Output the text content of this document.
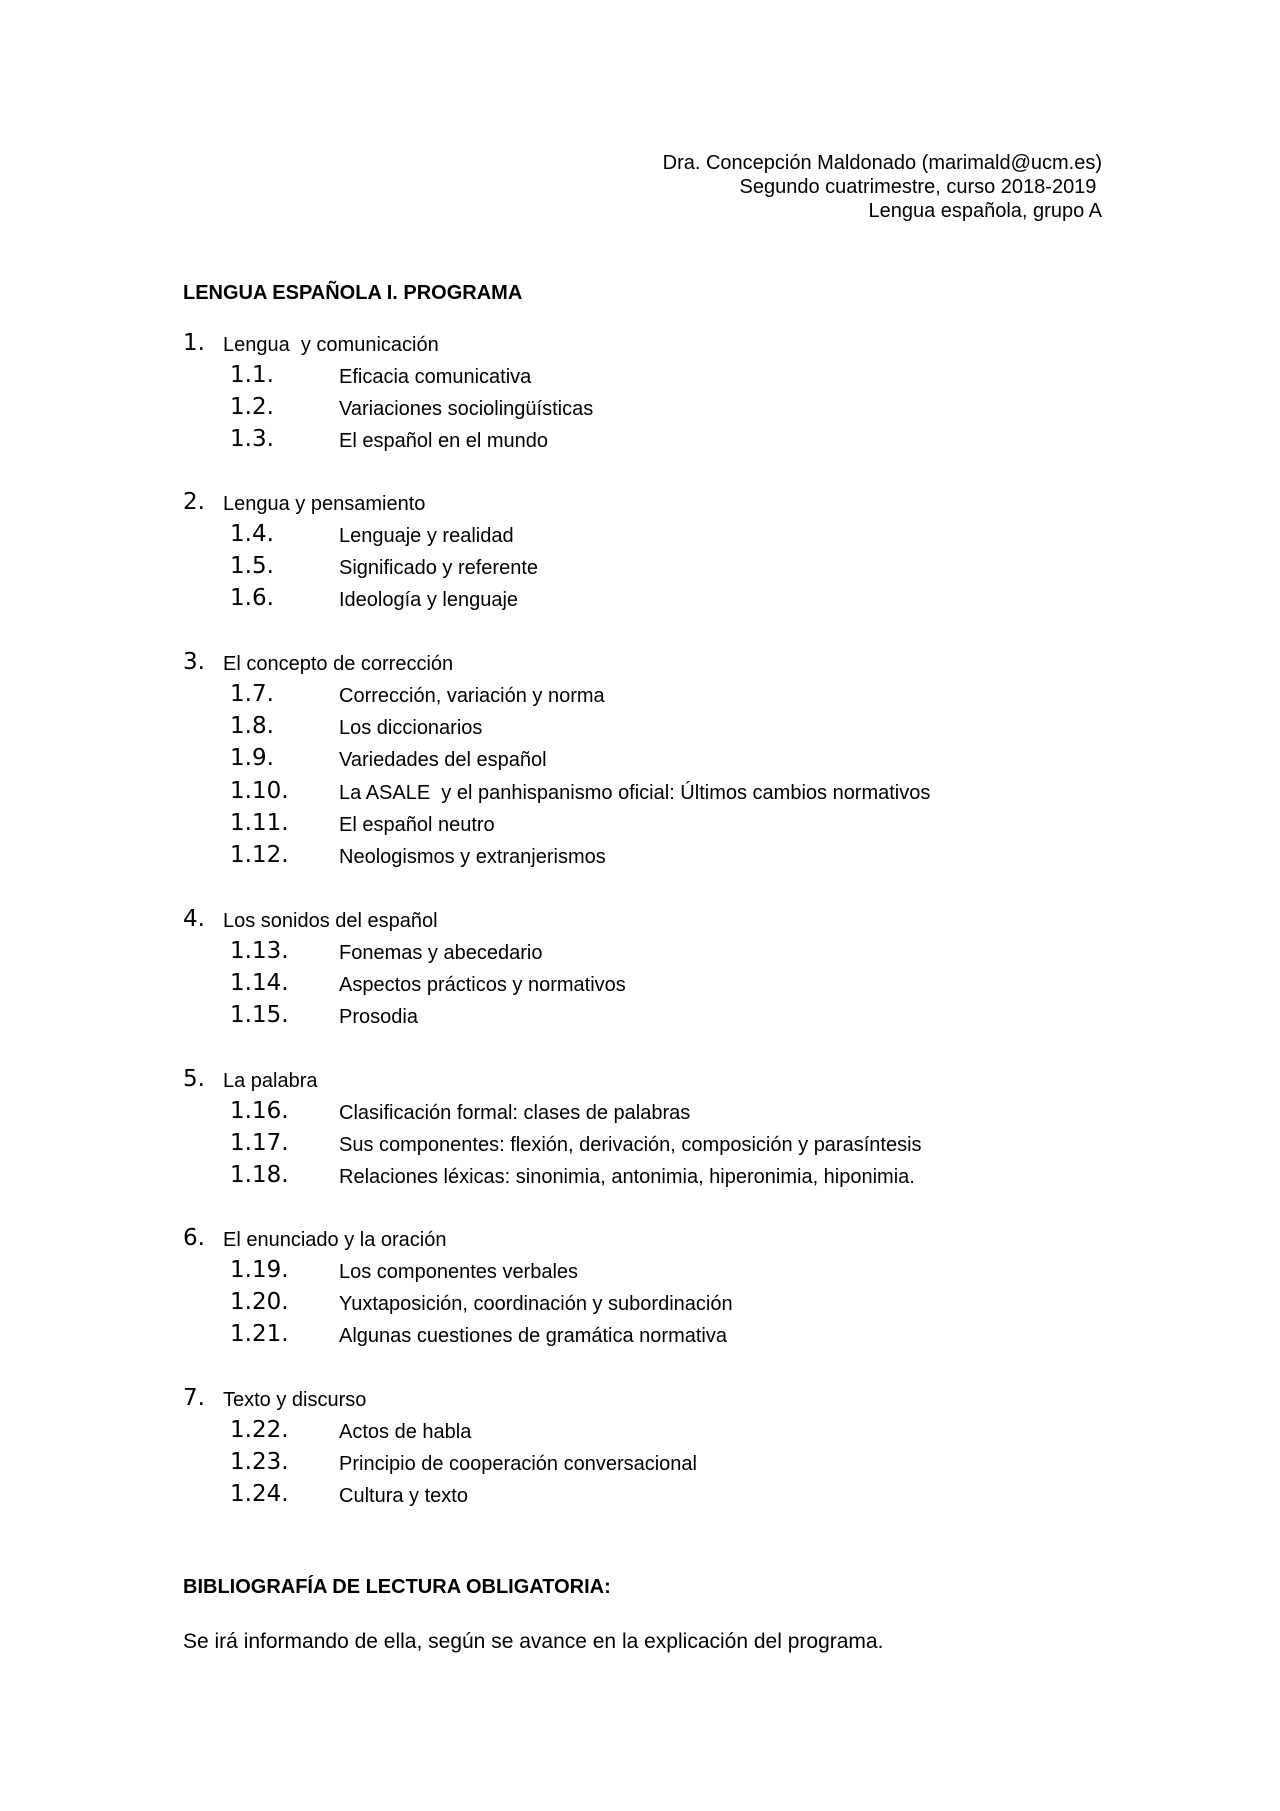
Dra. Concepción Maldonado (marimald@ucm.es)
Segundo cuatrimestre, curso 2018-2019
Lengua española, grupo A
LENGUA ESPAÑOLA I. PROGRAMA
1. Lengua  y comunicación
1.1.	Eficacia comunicativa
1.2.	Variaciones sociolingüísticas
1.3.	El español en el mundo
2. Lengua y pensamiento
1.4.	Lenguaje y realidad
1.5.	Significado y referente
1.6.	Ideología y lenguaje
3. El concepto de corrección
1.7.	Corrección, variación y norma
1.8.	Los diccionarios
1.9.	Variedades del español
1.10.	La ASALE  y el panhispanismo oficial: Últimos cambios normativos
1.11.	El español neutro
1.12.	Neologismos y extranjerismos
4. Los sonidos del español
1.13.	Fonemas y abecedario
1.14.	Aspectos prácticos y normativos
1.15.	Prosodia
5. La palabra
1.16.	Clasificación formal: clases de palabras
1.17.	Sus componentes: flexión, derivación, composición y parasíntesis
1.18.	Relaciones léxicas: sinonimia, antonimia, hiperonimia, hiponimia.
6. El enunciado y la oración
1.19.	Los componentes verbales
1.20.	Yuxtaposición, coordinación y subordinación
1.21.	Algunas cuestiones de gramática normativa
7. Texto y discurso
1.22.	Actos de habla
1.23.	Principio de cooperación conversacional
1.24.	Cultura y texto
BIBLIOGRAFÍA DE LECTURA OBLIGATORIA:
Se irá informando de ella, según se avance en la explicación del programa.
